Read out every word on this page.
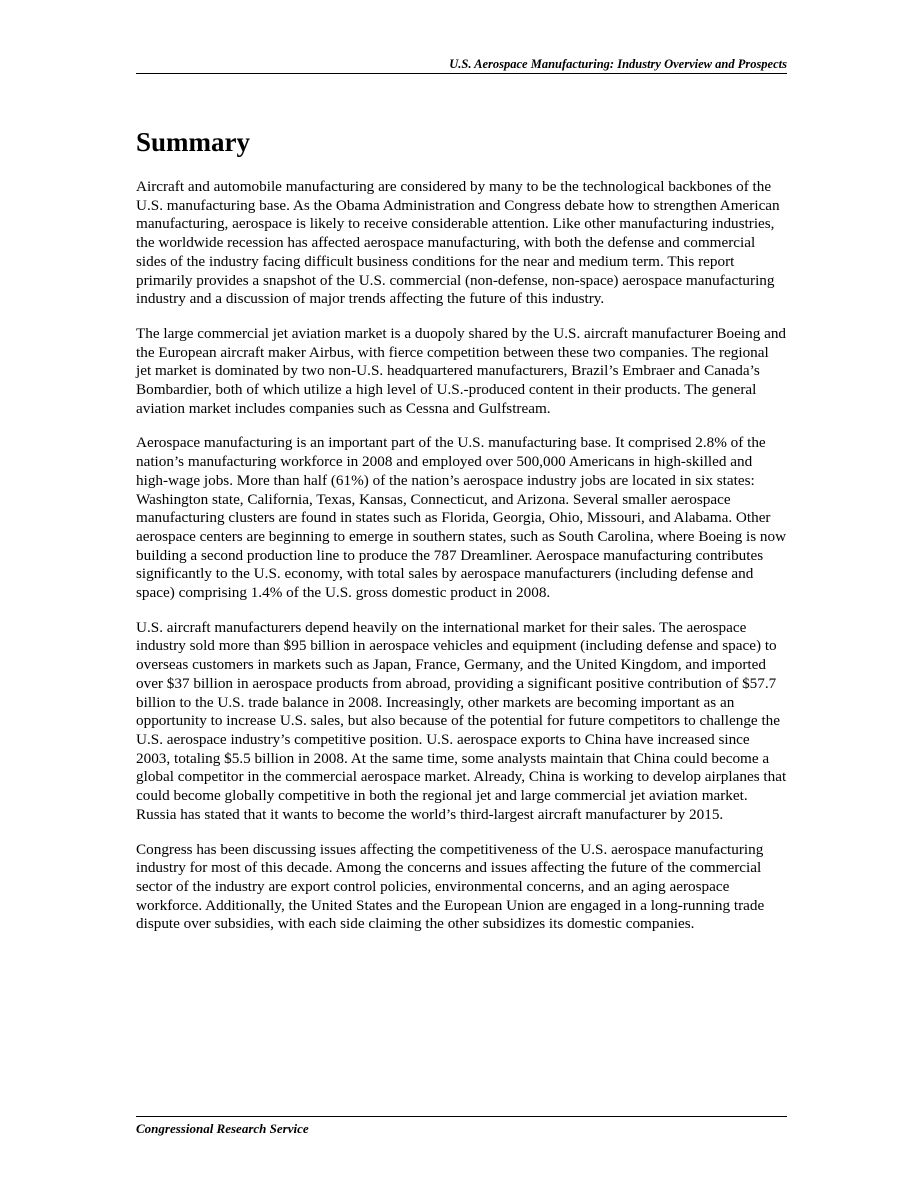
U.S. Aerospace Manufacturing: Industry Overview and Prospects
Summary

Aircraft and automobile manufacturing are considered by many to be the technological backbones of the U.S. manufacturing base. As the Obama Administration and Congress debate how to strengthen American manufacturing, aerospace is likely to receive considerable attention. Like other manufacturing industries, the worldwide recession has affected aerospace manufacturing, with both the defense and commercial sides of the industry facing difficult business conditions for the near and medium term. This report primarily provides a snapshot of the U.S. commercial (non-defense, non-space) aerospace manufacturing industry and a discussion of major trends affecting the future of this industry.

The large commercial jet aviation market is a duopoly shared by the U.S. aircraft manufacturer Boeing and the European aircraft maker Airbus, with fierce competition between these two companies. The regional jet market is dominated by two non-U.S. headquartered manufacturers, Brazil’s Embraer and Canada’s Bombardier, both of which utilize a high level of U.S.-produced content in their products. The general aviation market includes companies such as Cessna and Gulfstream.

Aerospace manufacturing is an important part of the U.S. manufacturing base. It comprised 2.8% of the nation’s manufacturing workforce in 2008 and employed over 500,000 Americans in high-skilled and high-wage jobs. More than half (61%) of the nation’s aerospace industry jobs are located in six states: Washington state, California, Texas, Kansas, Connecticut, and Arizona. Several smaller aerospace manufacturing clusters are found in states such as Florida, Georgia, Ohio, Missouri, and Alabama. Other aerospace centers are beginning to emerge in southern states, such as South Carolina, where Boeing is now building a second production line to produce the 787 Dreamliner. Aerospace manufacturing contributes significantly to the U.S. economy, with total sales by aerospace manufacturers (including defense and space) comprising 1.4% of the U.S. gross domestic product in 2008.

U.S. aircraft manufacturers depend heavily on the international market for their sales. The aerospace industry sold more than $95 billion in aerospace vehicles and equipment (including defense and space) to overseas customers in markets such as Japan, France, Germany, and the United Kingdom, and imported over $37 billion in aerospace products from abroad, providing a significant positive contribution of $57.7 billion to the U.S. trade balance in 2008. Increasingly, other markets are becoming important as an opportunity to increase U.S. sales, but also because of the potential for future competitors to challenge the U.S. aerospace industry’s competitive position. U.S. aerospace exports to China have increased since 2003, totaling $5.5 billion in 2008. At the same time, some analysts maintain that China could become a global competitor in the commercial aerospace market. Already, China is working to develop airplanes that could become globally competitive in both the regional jet and large commercial jet aviation market. Russia has stated that it wants to become the world’s third-largest aircraft manufacturer by 2015.

Congress has been discussing issues affecting the competitiveness of the U.S. aerospace manufacturing industry for most of this decade. Among the concerns and issues affecting the future of the commercial sector of the industry are export control policies, environmental concerns, and an aging aerospace workforce. Additionally, the United States and the European Union are engaged in a long-running trade dispute over subsidies, with each side claiming the other subsidizes its domestic companies.

Congressional Research Service
